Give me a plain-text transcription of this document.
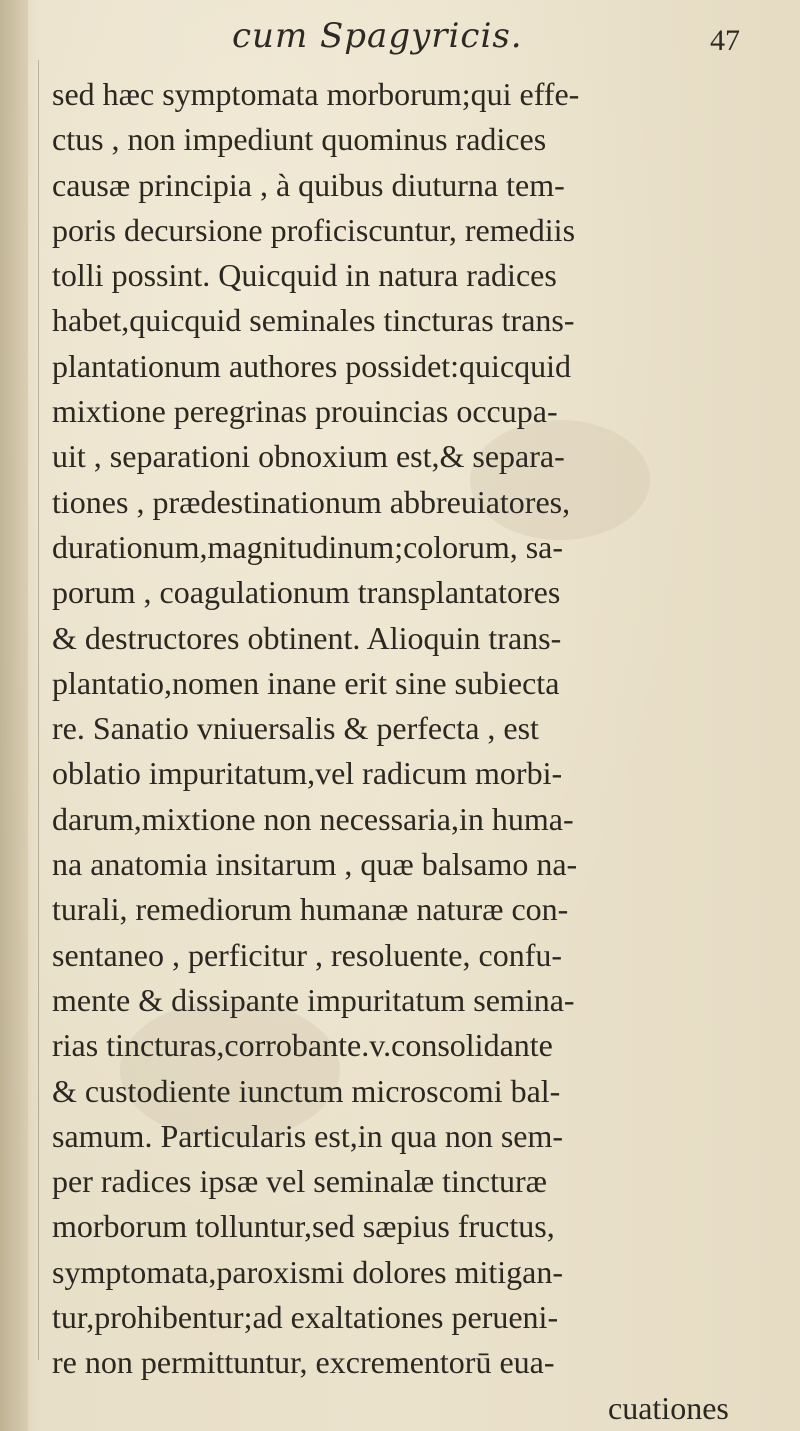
cum Spagyricis.	47
sed hæc symptomata morborum;qui effe-
ctus , non impediunt quominus radices
causæ principia , à quibus diuturna tem-
poris decursione proficiscuntur, remediis
tolli possint. Quicquid in natura radices
habet,quicquid seminales tincturas trans-
plantationum authores possidet:quicquid
mixtione peregrinas prouincias occupa-
uit , separationi obnoxium est,& separa-
tiones , prædestinationum abbreuiatores,
durationum,magnitudinum;colorum, sa-
porum , coagulationum transplantatores
& destructores obtinent. Alioquin trans-
plantatio,nomen inane erit sine subiecta
re. Sanatio vniuersalis & perfecta , est
oblatio impuritatum,vel radicum morbi-
darum,mixtione non necessaria,in huma-
na anatomia insitarum , quæ balsamo na-
turali, remediorum humanæ naturæ con-
sentaneo , perficitur , resoluente, confu-
mente & dissipante impuritatum semina-
rias tincturas,corrobante.v.consolidante
& custodiente iunctum microscomi bal-
samum. Particularis est,in qua non sem-
per radices ipsæ vel seminalæ tincturæ
morborum tolluntur,sed sæpius fructus,
symptomata,paroxismi dolores mitigan-
tur,prohibentur;ad exaltationes perueni-
re non permittuntur, excrementorū eua-
cuationes
